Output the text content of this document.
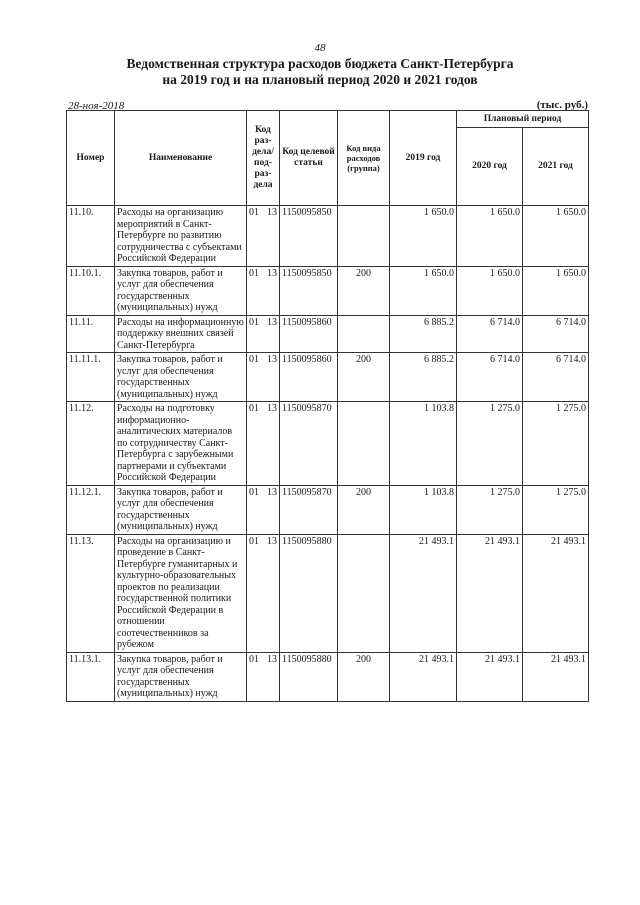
48
Ведомственная структура расходов бюджета Санкт-Петербурга
на 2019 год и на плановый период 2020 и 2021 годов
28-ноя-2018	(тыс. руб.)
Номер	Наименование	Код раз-дела/ под-раз-дела		Код целевой статьи	Код вида расходов (группа)	2019 год	Плановый период	
							2020 год	2021 год
11.10.	Расходы на организацию мероприятий в Санкт-Петербурге по развитию сотрудничества с субъектами Российской Федерации	01	13	1150095850		1 650.0	1 650.0	1 650.0
11.10.1.	Закупка товаров, работ и услуг для обеспечения государственных (муниципальных) нужд	01	13	1150095850	200	1 650.0	1 650.0	1 650.0
11.11.	Расходы на информационную поддержку внешних связей Санкт-Петербурга	01	13	1150095860		6 885.2	6 714.0	6 714.0
11.11.1.	Закупка товаров, работ и услуг для обеспечения государственных (муниципальных) нужд	01	13	1150095860	200	6 885.2	6 714.0	6 714.0
11.12.	Расходы на подготовку информационно-аналитических материалов по сотрудничеству Санкт-Петербурга с зарубежными партнерами и субъектами Российской Федерации	01	13	1150095870		1 103.8	1 275.0	1 275.0
11.12.1.	Закупка товаров, работ и услуг для обеспечения государственных (муниципальных) нужд	01	13	1150095870	200	1 103.8	1 275.0	1 275.0
11.13.	Расходы на организацию и проведение в Санкт-Петербурге гуманитарных и культурно-образовательных проектов по реализации государственной политики Российской Федерации в отношении соотечественников за рубежом	01	13	1150095880		21 493.1	21 493.1	21 493.1
11.13.1.	Закупка товаров, работ и услуг для обеспечения государственных (муниципальных) нужд	01	13	1150095880	200	21 493.1	21 493.1	21 493.1
